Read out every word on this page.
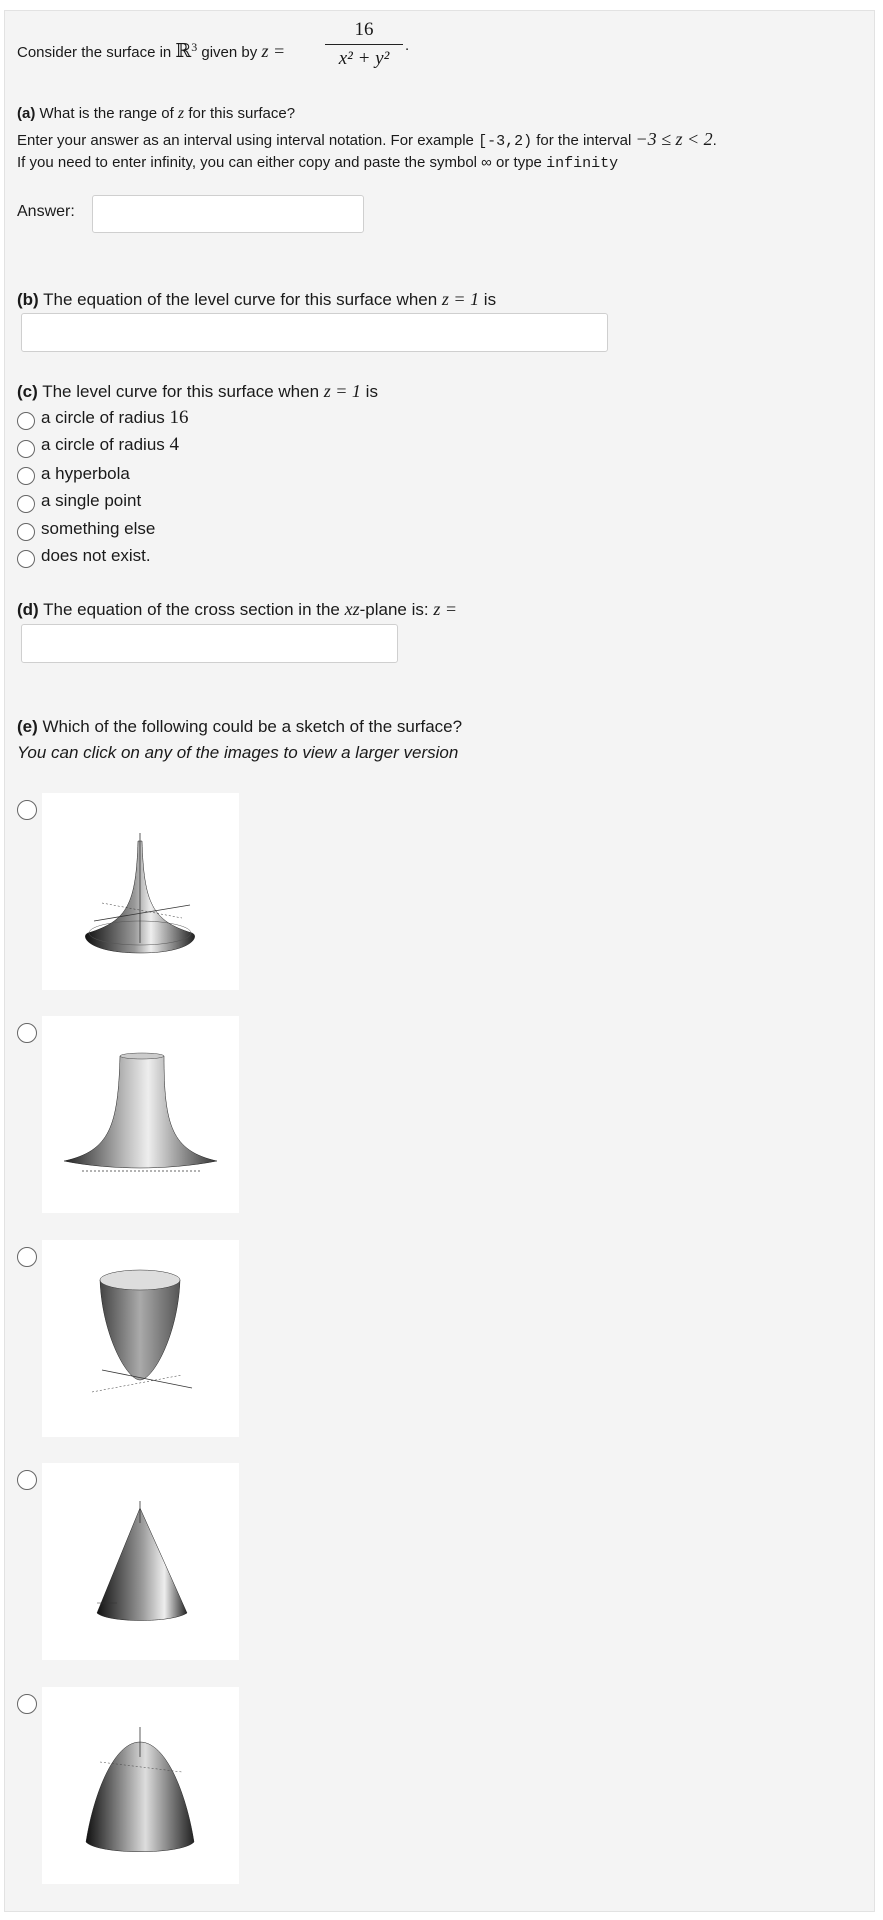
Consider the surface in ℝ$^3$ given by z =
16
x² + y²
.
(a) What is the range of z for this surface?
Enter your answer as an interval using interval notation. For example [-3,2) for the interval −3 ≤ z < 2.
If you need to enter infinity, you can either copy and paste the symbol ∞ or type infinity
Answer:
(b) The equation of the level curve for this surface when z = 1 is
(c) The level curve for this surface when z = 1 is
a circle of radius 16
a circle of radius 4
a hyperbola
a single point
something else
does not exist.
(d) The equation of the cross section in the xz-plane is: z =
(e) Which of the following could be a sketch of the surface?
You can click on any of the images to view a larger version
